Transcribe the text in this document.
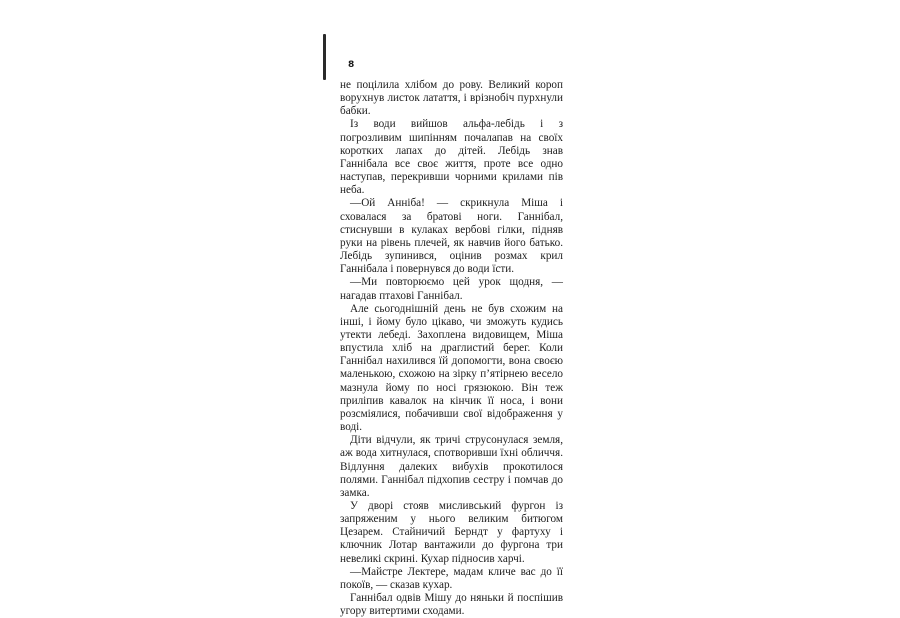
8

не поцілила хлібом до рову. Великий короп ворухнув листок латаття, і врізнобіч пурхнули бабки.

Із води вийшов альфа-лебідь і з погрозливим шипінням почалапав на своїх коротких лапах до дітей. Лебідь знав Ганнібала все своє життя, проте все одно наступав, перекривши чорними крилами пів неба.

—Ой Анніба! — скрикнула Міша і сховалася за братові ноги. Ганнібал, стиснувши в кулаках вербові гілки, підняв руки на рівень плечей, як навчив його батько. Лебідь зупинився, оцінив розмах крил Ганнібала і повернувся до води їсти.

—Ми повторюємо цей урок щодня, — нагадав птахові Ганнібал.

Але сьогоднішній день не був схожим на інші, і йому було цікаво, чи зможуть кудись утекти лебеді. Захоплена видовищем, Міша впустила хліб на драглистий берег. Коли Ганнібал нахилився їй допомогти, вона своєю маленькою, схожою на зірку п’ятірнею весело мазнула йому по носі грязюкою. Він теж приліпив кавалок на кінчик її носа, і вони розсміялися, побачивши свої відображення у воді.

Діти відчули, як тричі струсонулася земля, аж вода хитнулася, спотворивши їхні обличчя. Відлуння далеких вибухів прокотилося полями. Ганнібал підхопив сестру і помчав до замка.

У дворі стояв мисливський фургон із запряженим у нього великим битюгом Цезарем. Стайничий Берндт у фартуху і ключник Лотар вантажили до фургона три невеликі скрині. Кухар підносив харчі.

—Майстре Лектере, мадам кличе вас до її покоїв, — сказав кухар.

Ганнібал одвів Мішу до няньки й поспішив угору витертими сходами.
